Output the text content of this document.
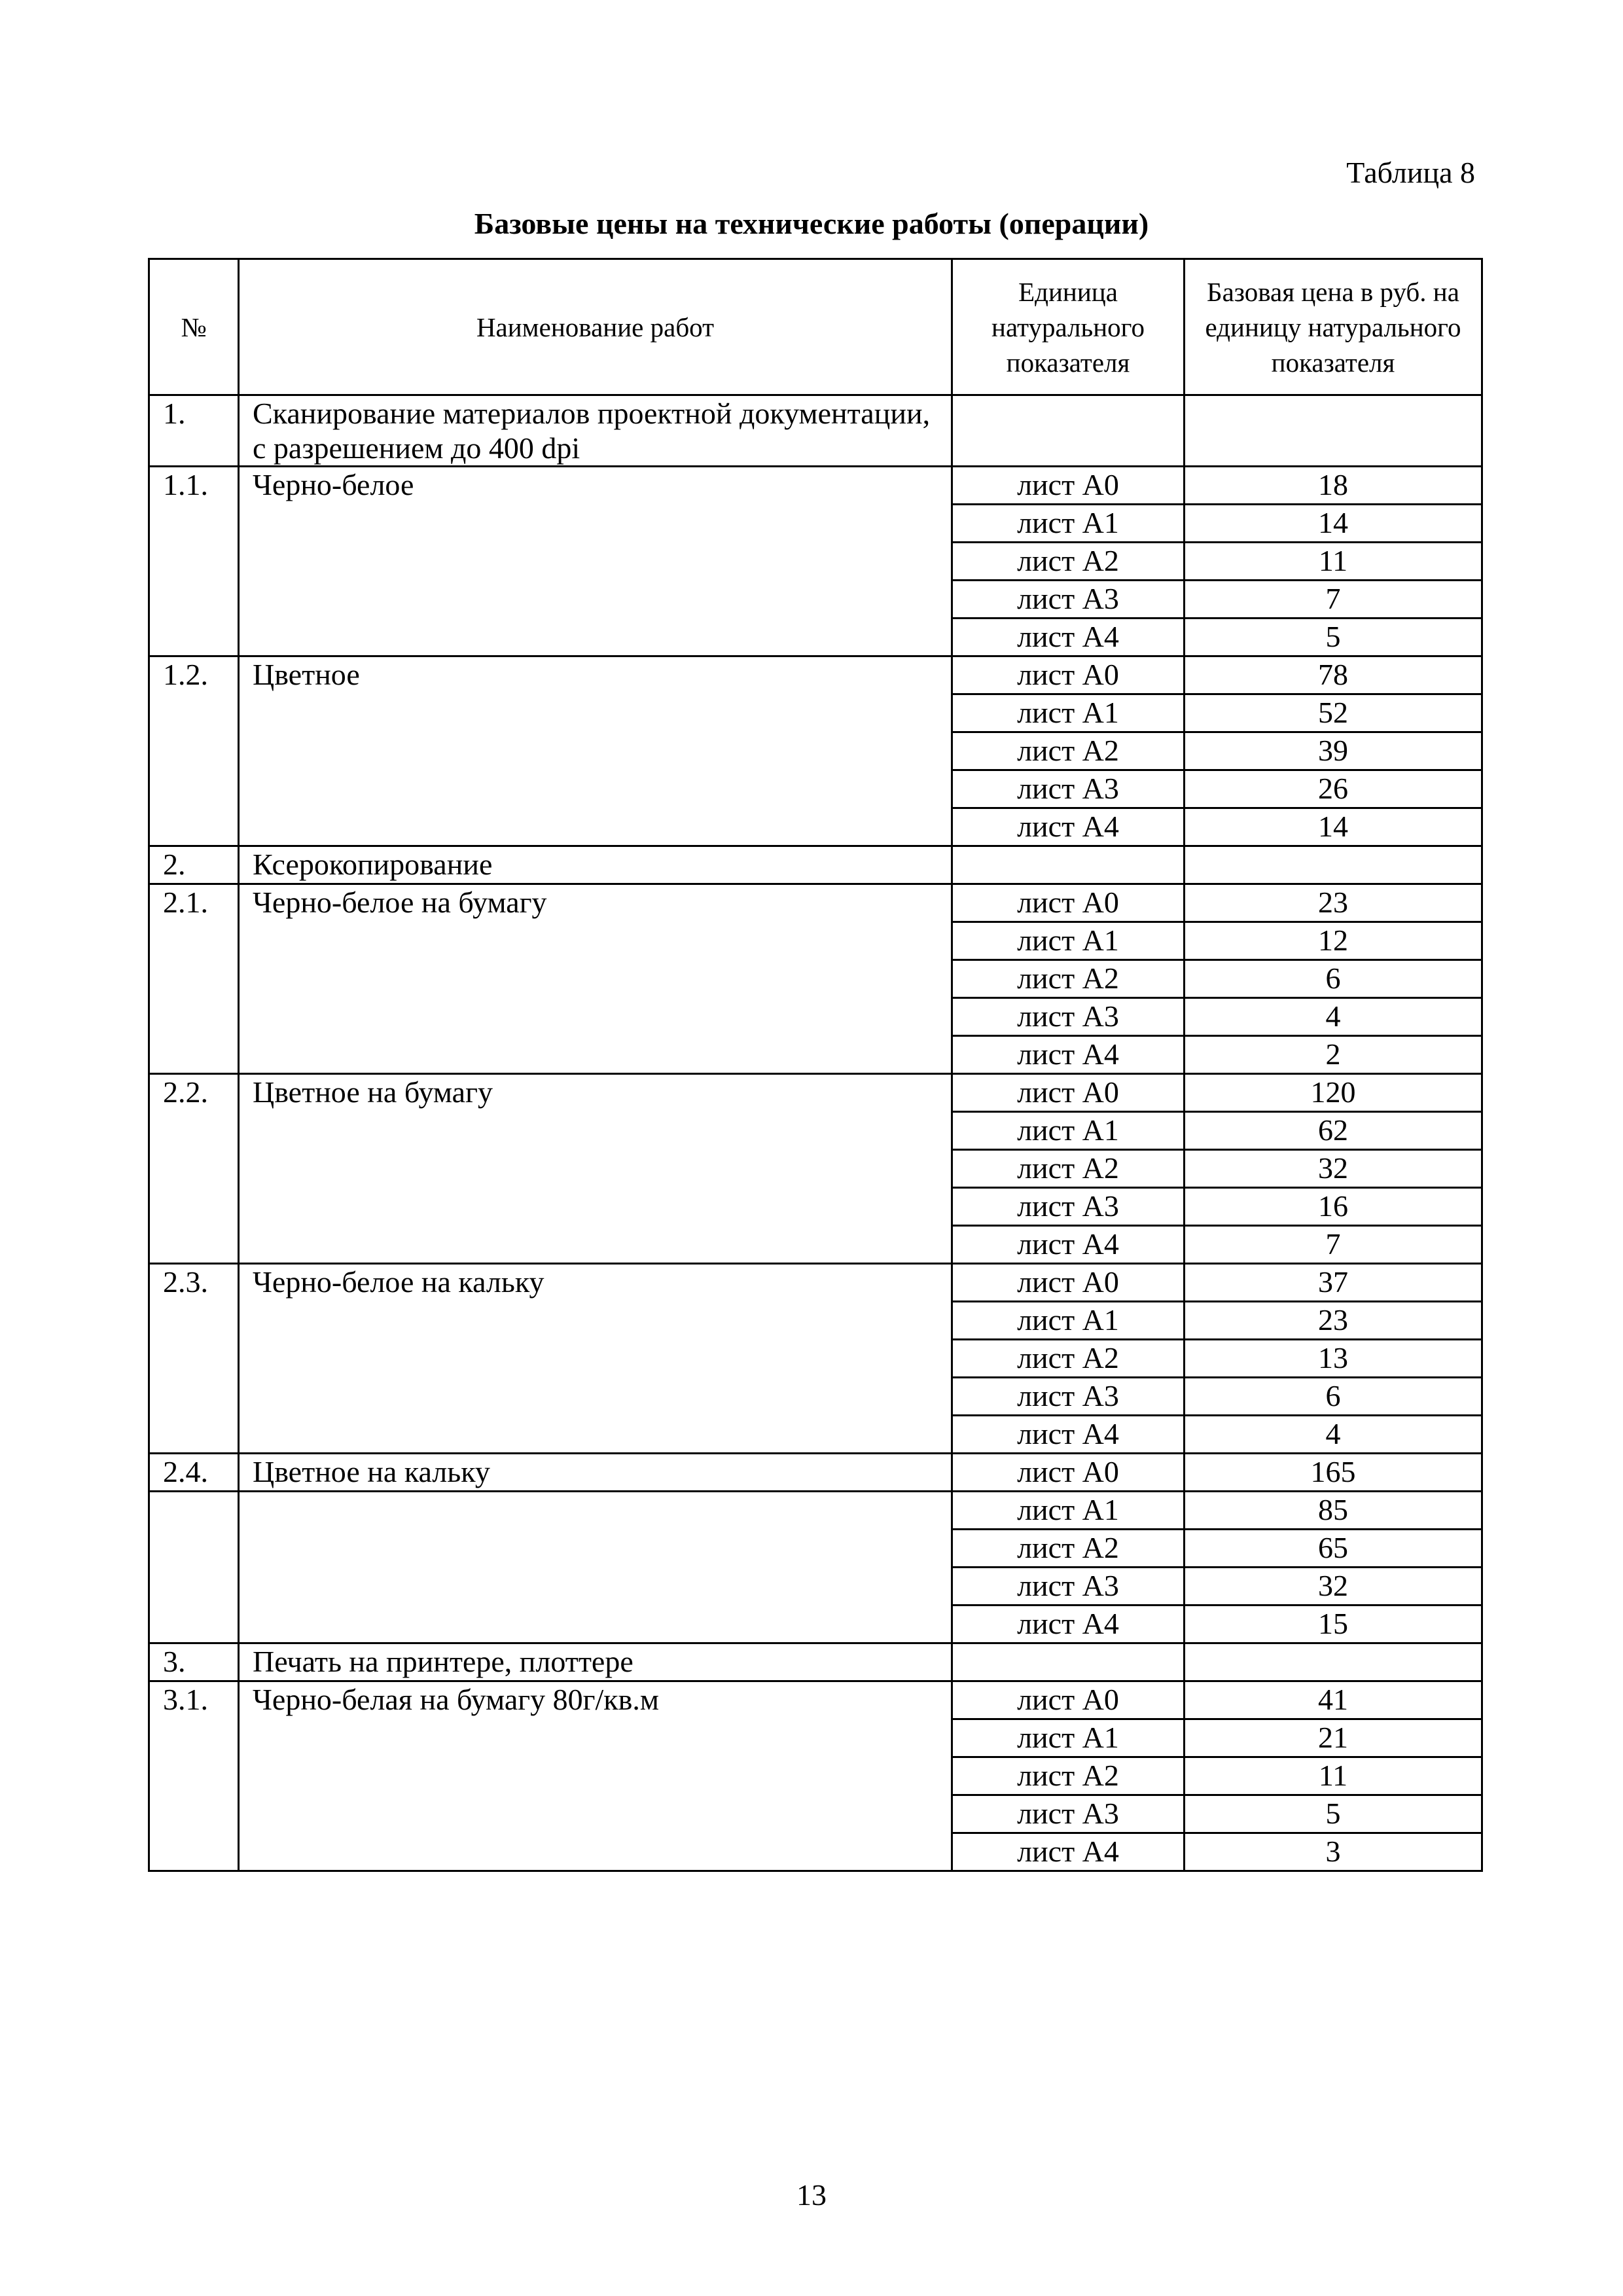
Таблица 8
Базовые цены на технические работы (операции)
№	Наименование работ	Единица натурального показателя	Базовая цена в руб. на единицу натурального показателя
1.	Сканирование материалов проектной документации, с разрешением до 400 dpi		
1.1.	Черно-белое	лист А0	18
		лист А1	14
		лист А2	11
		лист А3	7
		лист А4	5
1.2.	Цветное	лист А0	78
		лист А1	52
		лист А2	39
		лист А3	26
		лист А4	14
2.	Ксерокопирование		
2.1.	Черно-белое на бумагу	лист А0	23
		лист А1	12
		лист А2	6
		лист А3	4
		лист А4	2
2.2.	Цветное на бумагу	лист А0	120
		лист А1	62
		лист А2	32
		лист А3	16
		лист А4	7
2.3.	Черно-белое на кальку	лист А0	37
		лист А1	23
		лист А2	13
		лист А3	6
		лист А4	4
2.4.	Цветное на кальку	лист А0	165
		лист А1	85
		лист А2	65
		лист А3	32
		лист А4	15
3.	Печать на принтере, плоттере		
3.1.	Черно-белая на бумагу 80г/кв.м	лист А0	41
		лист А1	21
		лист А2	11
		лист А3	5
		лист А4	3
13
